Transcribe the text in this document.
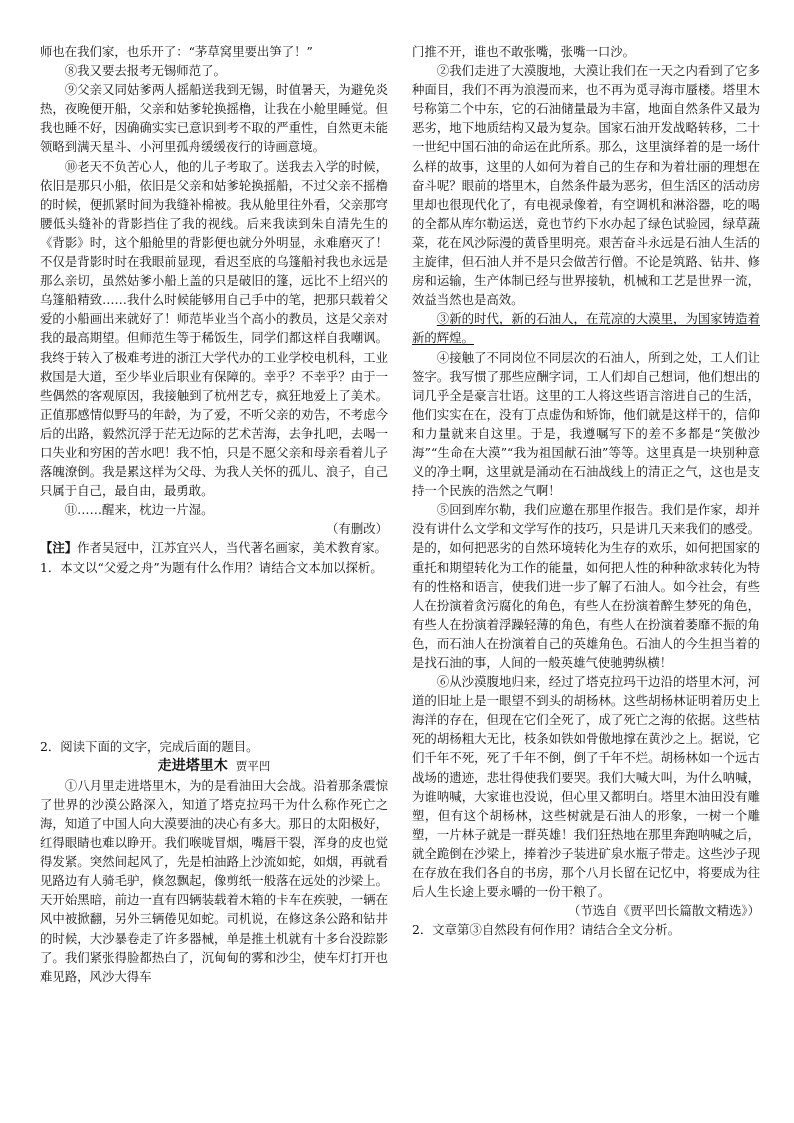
师也在我们家，也乐开了：“茅草窝里要出笋了！”

⑧我又要去报考无锡师范了。

⑨父亲又同姑爹两人摇船送我到无锡，时值暑天，为避免炎热，夜晚便开船，父亲和姑爹轮换摇橹，让我在小舱里睡觉。但我也睡不好，因确确实实已意识到考不取的严重性，自然更未能领略到满天星斗、小河里孤舟缓缓夜行的诗画意境。

⑩老天不负苦心人，他的儿子考取了。送我去入学的时候，依旧是那只小船，依旧是父亲和姑爹轮换摇船，不过父亲不摇橹的时候，便抓紧时间为我缝补棉被。我从舱里往外看，父亲那穹腰低头缝补的背影挡住了我的视线。后来我读到朱自清先生的《背影》时，这个船舱里的背影便也就分外明显，永难磨灭了！不仅是背影时时在我眼前显现，看迟至底的乌篷船衬我也永远是那么亲切，虽然姑爹小船上盖的只是破旧的篷，远比不上绍兴的乌篷船精致……我什么时候能够用自己手中的笔，把那只载着父爱的小船画出来就好了！师范毕业当个高小的教员，这是父亲对我的最高期望。但师范生等于稀饭生，同学们都这样自我嘲讽。我终于转入了极难考进的浙江大学代办的工业学校电机科，工业救国是大道，至少毕业后职业有保障的。幸乎？不幸乎？由于一些偶然的客观原因，我接触到了杭州艺专，疯狂地爱上了美术。正值那感情似野马的年龄，为了爱，不听父亲的劝告，不考虑今后的出路，毅然沉浮于茫无边际的艺术苦海，去争扎吧，去喝一口失业和穷困的苦水吧！我不怕，只是不愿父亲和母亲看着儿子落魄潦倒。我是累这样为父母、为我人关怀的孤儿、浪子，自己只属于自己，最自由，最勇敢。

⑪……醒来，枕边一片湿。

（有删改）

【注】作者吴冠中，江苏宜兴人，当代著名画家，美术教育家。

1．本文以“父爱之舟”为题有什么作用？请结合文本加以探析。

2．阅读下面的文字，完成后面的题目。

走进塔里木 贾平凹

①八月里走进塔里木，为的是看油田大会战。沿着那条震惊了世界的沙漠公路深入，知道了塔克拉玛干为什么称作死亡之海，知道了中国人向大漠要油的决心有多大。那日的太阳极好，红得眼睛也难以睁开。我们喉咙冒烟，嘴唇干裂，浑身的皮也觉得发紧。突然间起风了，先是柏油路上沙流如蛇，如烟，再就看见路边有人骑毛驴，倏忽飘起，像剪纸一般落在远处的沙梁上。天开始黑暗，前边一直有四辆装载着木箱的卡车在疾驶，一辆在风中被掀翻，另外三辆倦见如蛇。司机说，在修这条公路和钻井的时候，大沙暴卷走了许多器械，单是推土机就有十多台没踪影了。我们紧张得脸都热白了，沉甸甸的雾和沙尘，使车灯打开也难见路，风沙大得车

门推不开，谁也不敢张嘴，张嘴一口沙。

②我们走进了大漠腹地，大漠让我们在一天之内看到了它多种面目，我们不再为浪漫而来，也不再为觅寻海市蜃楼。塔里木号称第二个中东，它的石油储量最为丰富，地面自然条件又最为恶劣，地下地质结构又最为复杂。国家石油开发战略转移，二十一世纪中国石油的命运在此所系。那么，这里演绎着的是一场什么样的故事，这里的人如何为着自己的生存和为着壮丽的理想在奋斗呢？眼前的塔里木，自然条件最为恶劣，但生活区的活动房里却也很现代化了，有电视录像着，有空调机和淋浴器，吃的喝的全都从库尔勒运送，竟也节约下水办起了绿色试验园，绿草蔬菜，花在风沙际漫的黄昏里明亮。艰苦奋斗永远是石油人生活的主旋律，但石油人并不是只会做苦行僧。不论是筑路、钻井、修房和运输，生产体制已经与世界接轨，机械和工艺是世界一流，效益当然也是高效。

③新的时代，新的石油人，在荒凉的大漠里，为国家铸造着新的辉煌。

④接触了不同岗位不同层次的石油人，所到之处，工人们让签字。我写惯了那些应酬字词，工人们却自己想词，他们想出的词几乎全是豪言壮语。这里的工人将这些语言溶进自己的生活，他们实实在在，没有丁点虚伪和矫饰，他们就是这样干的，信仰和力量就来自这里。于是，我遵嘱写下的差不多都是“笑傲沙海”“生命在大漠”“我为祖国献石油”等等。这里真是一块别种意义的净土啊，这里就是涌动在石油战线上的清正之气，这也是支持一个民族的浩然之气啊！

⑤回到库尔勒，我们应邀在那里作报告。我们是作家，却并没有讲什么文学和文学写作的技巧，只是讲几天来我们的感受。是的，如何把恶劣的自然环境转化为生存的欢乐，如何把国家的重托和期望转化为工作的能量，如何把人性的种种欲求转化为特有的性格和语言，使我们进一步了解了石油人。如今社会，有些人在扮演着贪污腐化的角色，有些人在扮演着醉生梦死的角色，有些人在扮演着浮躁轻薄的角色，有些人在扮演着萎靡不振的角色，而石油人在扮演着自己的英雄角色。石油人的今生担当着的是找石油的事，人间的一般英雄气使驰骋纵横！

⑥从沙漠腹地归来，经过了塔克拉玛干边沿的塔里木河，河道的旧址上是一眼望不到头的胡杨林。这些胡杨林证明着历史上海洋的存在，但现在它们全死了，成了死亡之海的依据。这些枯死的胡杨粗大无比，枝条如铁如骨傲地撑在黄沙之上。据说，它们千年不死，死了千年不倒，倒了千年不烂。胡杨林如一个远古战场的遗迹，悲壮得使我们要哭。我们大喊大叫，为什么呐喊，为谁呐喊，大家谁也没说，但心里又都明白。塔里木油田没有雕塑，但有这个胡杨林，这些树就是石油人的形象，一树一个雕塑，一片林子就是一群英雄！我们狂热地在那里奔跑呐喊之后，就全跪倒在沙梁上，捧着沙子装进矿泉水瓶子带走。这些沙子现在存放在我们各自的书房，那个八月长留在记忆中，将要成为往后人生长途上要永嚼的一份干粮了。

（节选自《贾平凹长篇散文精选》）

2．文章第③自然段有何作用？请结合全文分析。
